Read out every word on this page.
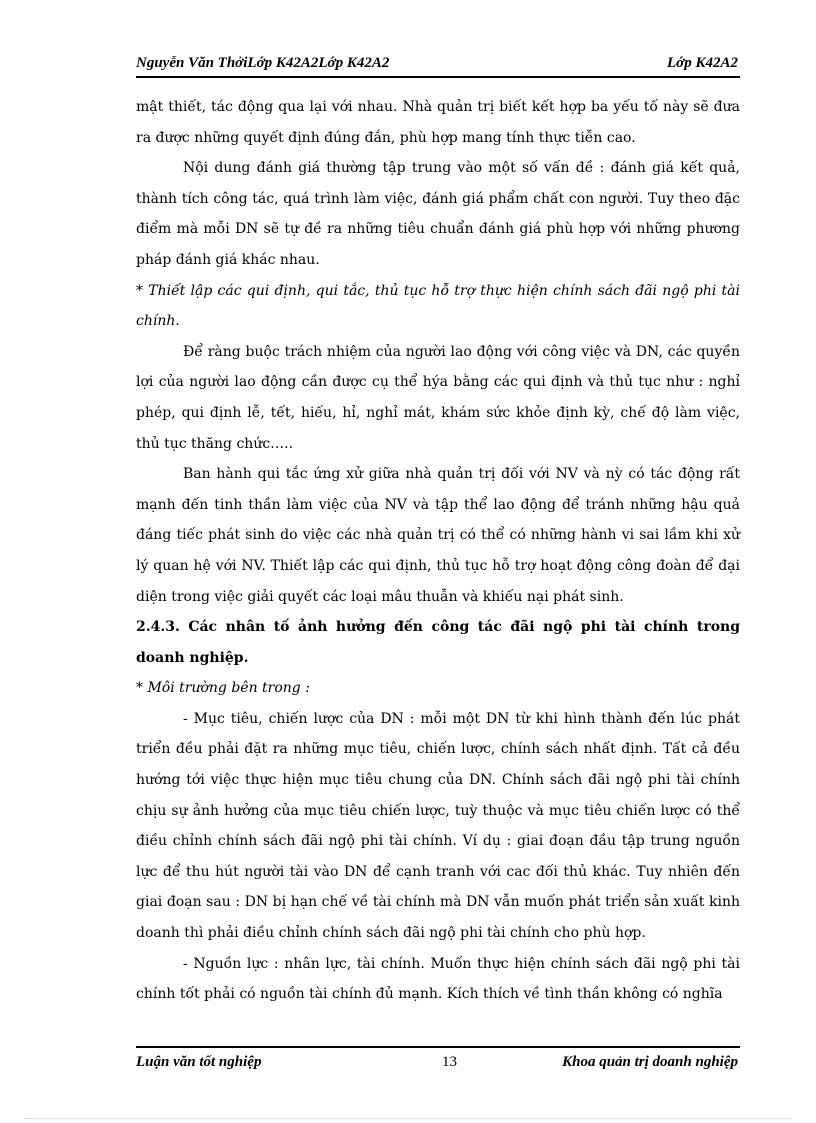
Nguyễn Văn ThởiLớp K42A2Lớp K42A2	Lớp K42A2

mật thiết, tác động qua lại với nhau. Nhà quản trị biết kết hợp ba yếu tố này sẽ đưa ra được những quyết định đúng đắn, phù hợp mang tính thực tiễn cao.

Nội dung đánh giá thường tập trung vào một số vấn đề : đánh giá kết quả, thành tích công tác, quá trình làm việc, đánh giá phẩm chất con người. Tuy theo đặc điểm mà mỗi DN sẽ tự đề ra những tiêu chuẩn đánh giá phù hợp với những phương pháp đánh giá khác nhau.

* Thiết lập các qui định, qui tắc, thủ tục hỗ trợ thực hiện chính sách đãi ngộ phi tài chính.

Để ràng buộc trách nhiệm của người lao động với công việc và DN, các quyền lợi của người lao động cần được cụ thể hýa bằng các qui định và thủ tục như : nghỉ phép, qui định lễ, tết, hiếu, hỉ, nghỉ mát, khám sức khỏe định kỳ, chế độ làm việc, thủ tục thăng chức…..

Ban hành qui tắc ứng xử giữa nhà quản trị đối với NV và nỳ có tác động rất mạnh đến tinh thần làm việc của NV và tập thể lao động để tránh những hậu quả đáng tiếc phát sinh do việc các nhà quản trị có thể có những hành vi sai lầm khi xử lý quan hệ với NV. Thiết lập các qui định, thủ tục hỗ trợ hoạt động công đoàn để đại diện trong việc giải quyết các loại mâu thuẫn và khiếu nại phát sinh.

2.4.3. Các nhân tố ảnh hưởng đến công tác đãi ngộ phi tài chính trong doanh nghiệp.

* Môi trường bên trong :

- Mục tiêu, chiến lược của DN : mỗi một DN từ khi hình thành đến lúc phát triển đều phải đặt ra những mục tiêu, chiến lược, chính sách nhất định. Tất cả đều hướng tới việc thực hiện mục tiêu chung của DN. Chính sách đãi ngộ phi tài chính chịu sự ảnh hưởng của mục tiêu chiến lược, tuỳ thuộc và mục tiêu chiến lược có thể điều chỉnh chính sách đãi ngộ phi tài chính. Ví dụ : giai đoạn đầu tập trung nguồn lực để thu hút người tài vào DN để cạnh tranh với cac đối thủ khác. Tuy nhiên đến giai đoạn sau : DN bị hạn chế về tài chính mà DN vẫn muốn phát triển sản xuất kinh doanh thì phải điều chỉnh chính sách đãi ngộ phi tài chính cho phù hợp.

- Nguồn lực : nhân lực, tài chính. Muốn thực hiện chính sách đãi ngộ phi tài chính tốt phải có nguồn tài chính đủ mạnh. Kích thích về tình thần không có nghĩa

Luận văn tốt nghiệp	13	Khoa quản trị doanh nghiệp
